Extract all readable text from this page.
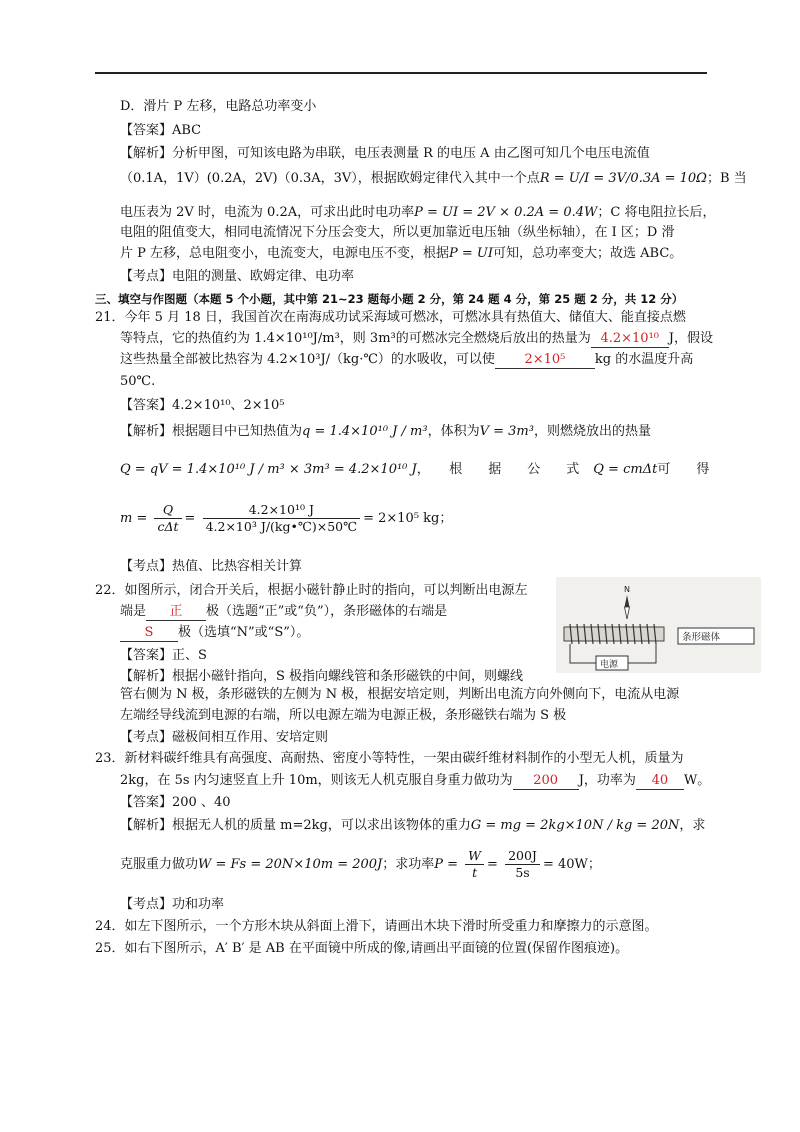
D．滑片 P 左移，电路总功率变小
【答案】ABC
【解析】分析甲图，可知该电路为串联，电压表测量 R 的电压 A 由乙图可知几个电压电流值
（0.1A，1V）(0.2A，2V)（0.3A，3V），根据欧姆定律代入其中一个点R = U/I = 3V/0.3A = 10Ω；B 当
电压表为 2V 时，电流为 0.2A，可求出此时电功率P = UI = 2V × 0.2A = 0.4W；C 将电阻拉长后，
电阻的阻值变大，相同电流情况下分压会变大，所以更加靠近电压轴（纵坐标轴），在 I 区；D 滑
片 P 左移，总电阻变小，电流变大，电源电压不变，根据P = UI可知，总功率变大；故选 ABC。
【考点】电阻的测量、欧姆定律、电功率
三、填空与作图题（本题 5 个小题，其中第 21~23 题每小题 2 分，第 24 题 4 分，第 25 题 2 分，共 12 分）
21．今年 5 月 18 日，我国首次在南海成功试采海域可燃冰，可燃冰具有热值大、储值大、能直接点燃
等特点，它的热值约为 1.4×10¹⁰J/m³，则 3m³的可燃冰完全燃烧后放出的热量为 4.2×10¹⁰ J，假设
这些热量全部被比热容为 4.2×10³J/（kg·℃）的水吸收，可以使 2×10⁵ kg 的水温度升高
50℃.
【答案】4.2×10¹⁰、2×10⁵
【解析】根据题目中已知热值为q = 1.4×10¹⁰ J / m³，体积为V = 3m³，则燃烧放出的热量
Q = qV = 1.4×10¹⁰ J / m³ × 3m³ = 4.2×10¹⁰ J，　　根　　据　　公　　式 Q = cmΔt可　　得
$m = \frac{Q}{\text{cΔt}} = \frac{\text{4.2×10¹⁰ J}}{\text{4.2×10³ J/(kg•℃)×50℃}} = 2\times 10^5$ kg；
【考点】热值、比热容相关计算
22．如图所示，闭合开关后，根据小磁针静止时的指向，可以判断出电源左
端是 正 极（选题“正”或“负”），条形磁体的右端是
S 极（选填“N”或“S”）。
【答案】正、S
【解析】根据小磁针指向，S 极指向螺线管和条形磁铁的中间，则螺线
管右侧为 N 极，条形磁铁的左侧为 N 极，根据安培定则，判断出电流方向外侧向下，电流从电源
左端经导线流到电源的右端，所以电源左端为电源正极，条形磁铁右端为 S 极
【考点】磁极间相互作用、安培定则
N
电源
条形磁体
23．新材料碳纤维具有高强度、高耐热、密度小等特性，一架由碳纤维材料制作的小型无人机，质量为
2kg，在 5s 内匀速竖直上升 10m，则该无人机克服自身重力做功为 200 J，功率为 40 W。
【答案】200 、40
【解析】根据无人机的质量 m=2kg，可以求出该物体的重力G = mg = 2kg×10N / kg = 20N，求
克服重力做功W = Fs = 20N×10m = 200J；求功率$P = \frac{W}{t} = \frac{200J}{5s} = 40W$；
【考点】功和功率
24．如左下图所示，一个方形木块从斜面上滑下，请画出木块下滑时所受重力和摩擦力的示意图。
25．如右下图所示，A′ B′ 是 AB 在平面镜中所成的像,请画出平面镜的位置(保留作图痕迹)。
